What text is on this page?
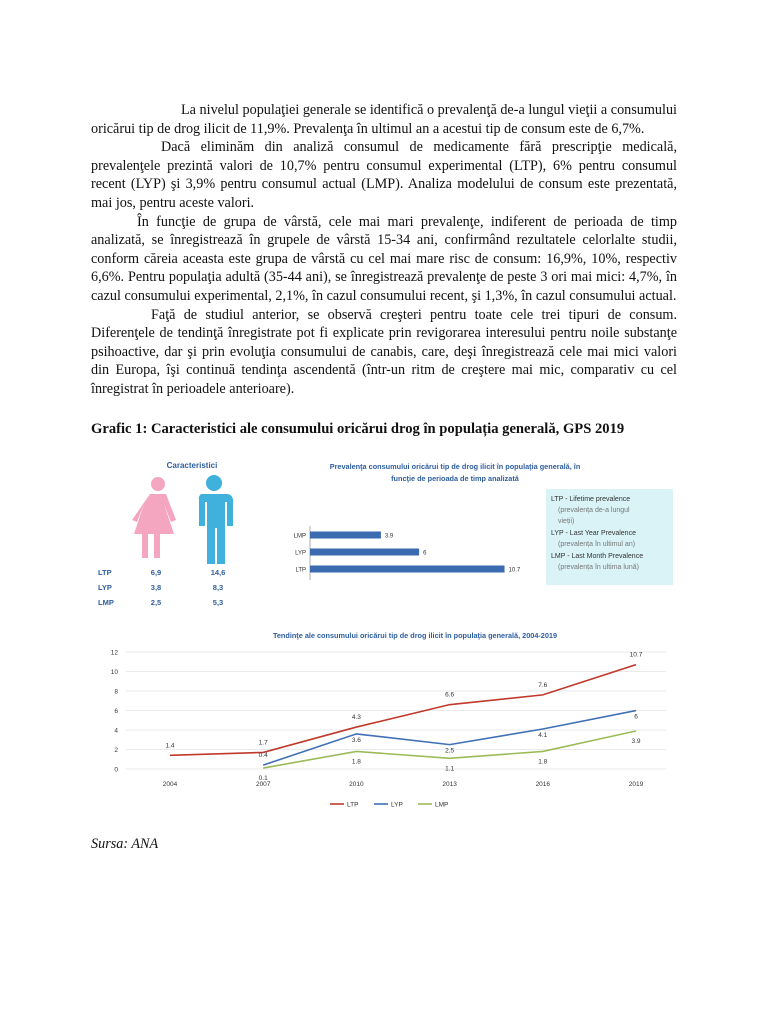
La nivelul populaţiei generale se identifică o prevalenţă de-a lungul vieţii a consumului oricărui tip de drog ilicit de 11,9%. Prevalenţa în ultimul an a acestui tip de consum este de 6,7%.

Dacă eliminăm din analiză consumul de medicamente fără prescripţie medicală, prevalenţele prezintă valori de 10,7% pentru consumul experimental (LTP), 6% pentru consumul recent (LYP) şi 3,9% pentru consumul actual (LMP). Analiza modelului de consum este prezentată, mai jos, pentru aceste valori.

În funcţie de grupa de vârstă, cele mai mari prevalenţe, indiferent de perioada de timp analizată, se înregistrează în grupele de vârstă 15-34 ani, confirmând rezultatele celorlalte studii, conform căreia aceasta este grupa de vârstă cu cel mai mare risc de consum: 16,9%, 10%, respectiv 6,6%. Pentru populaţia adultă (35-44 ani), se înregistrează prevalenţe de peste 3 ori mai mici: 4,7%, în cazul consumului experimental, 2,1%, în cazul consumului recent, şi 1,3%, în cazul consumului actual.

Faţă de studiul anterior, se observă creşteri pentru toate cele trei tipuri de consum. Diferenţele de tendinţă înregistrate pot fi explicate prin revigorarea interesului pentru noile substanţe psihoactive, dar şi prin evoluţia consumului de canabis, care, deşi înregistrează cele mai mici valori din Europa, îşi continuă tendinţa ascendentă (într-un ritm de creştere mai mic, comparativ cu cel înregistrat în perioadele anterioare).

Grafic 1: Caracteristici ale consumului oricărui drog în populația generală, GPS 2019
Caracteristici
LTP	6,9	14,6
LYP	3,8	8,3
LMP	2,5	5,3
Prevalenţa consumului oricărui tip de drog ilicit în populaţia generală, în
funcţie de perioada de timp analizată
LMP	3.9
LYP	6
LTP	10.7
LTP - Lifetime prevalence
(prevalența de-a lungul
vieții)
LYP - Last Year Prevalence
(prevalența în ultimul an)
LMP - Last Month Prevalence
(prevalența în ultima lună)
Tendinţe ale consumului oricărui tip de drog ilicit în populaţia generală, 2004-2019
0
2
4
6
8
10
12
2004	2007	2010	2013	2016	2019
1.4	1.7
4.3
6.6
7.6
10.7
0.4
3.6
2.5
4.1
6
0.1
1.8
1.1
1.8
3.9
LTP	LYP	LMP
Sursa: ANA
